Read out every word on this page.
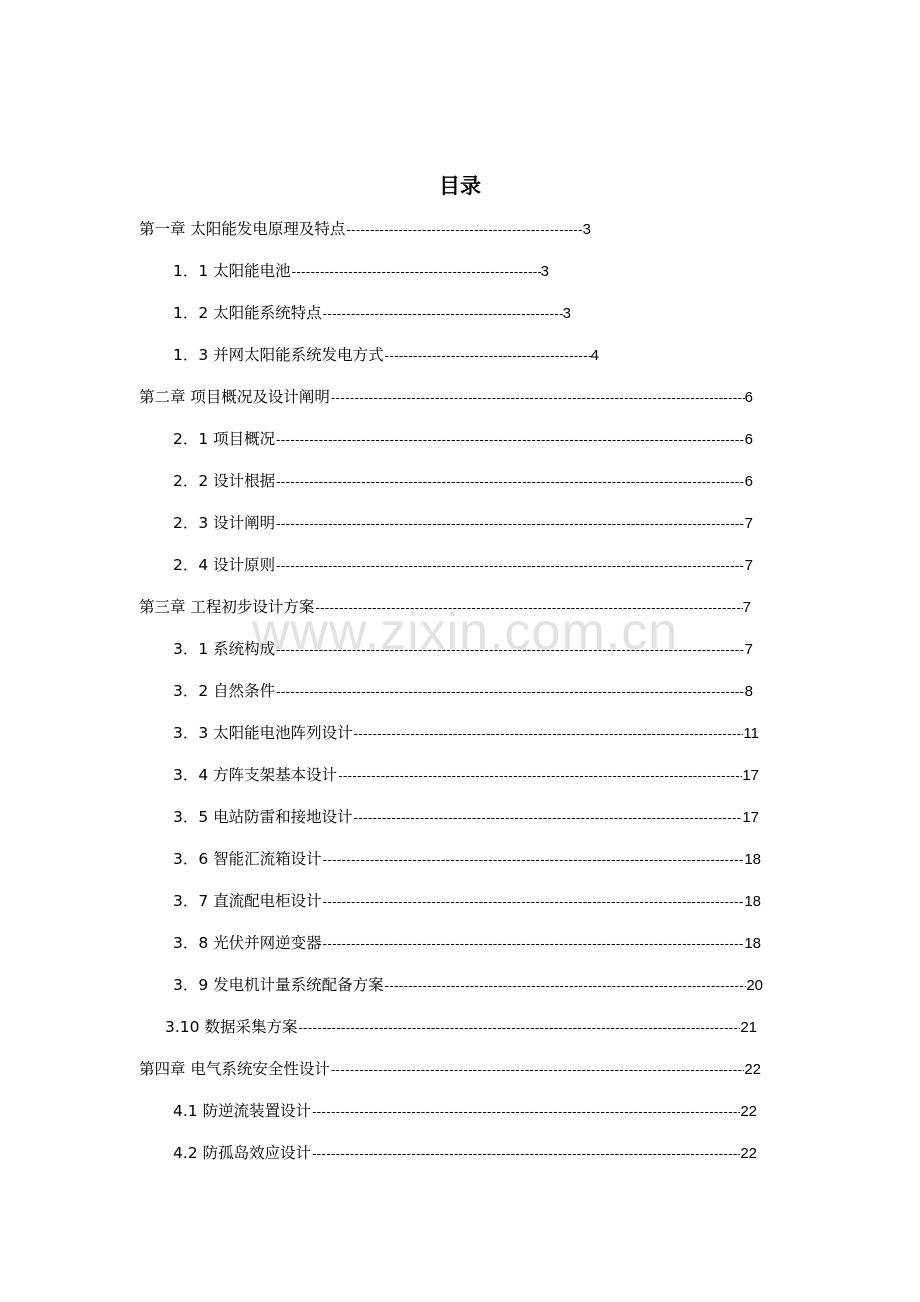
目录
www.zixin.com.cn
第一章 太阳能发电原理及特点 -----	3
1．1 太阳能电池 -----	3
1．2 太阳能系统特点 -----	3
1．3 并网太阳能系统发电方式 -----	4
第二章 项目概况及设计阐明 -----	6
2．1 项目概况 -----	6
2．2 设计根据 -----	6
2．3 设计阐明 -----	7
2．4 设计原则 -----	7
第三章 工程初步设计方案 -----	7
3．1 系统构成 -----	7
3．2 自然条件 -----	8
3．3 太阳能电池阵列设计 -----	11
3．4 方阵支架基本设计 -----	17
3．5 电站防雷和接地设计 -----	17
3．6 智能汇流箱设计 -----	18
3．7 直流配电柜设计 -----	18
3．8 光伏并网逆变器 -----	18
3．9 发电机计量系统配备方案 -----	20
3.10 数据采集方案 -----	21
第四章 电气系统安全性设计 -----	22
4.1 防逆流装置设计 -----	22
4.2 防孤岛效应设计 -----	22
